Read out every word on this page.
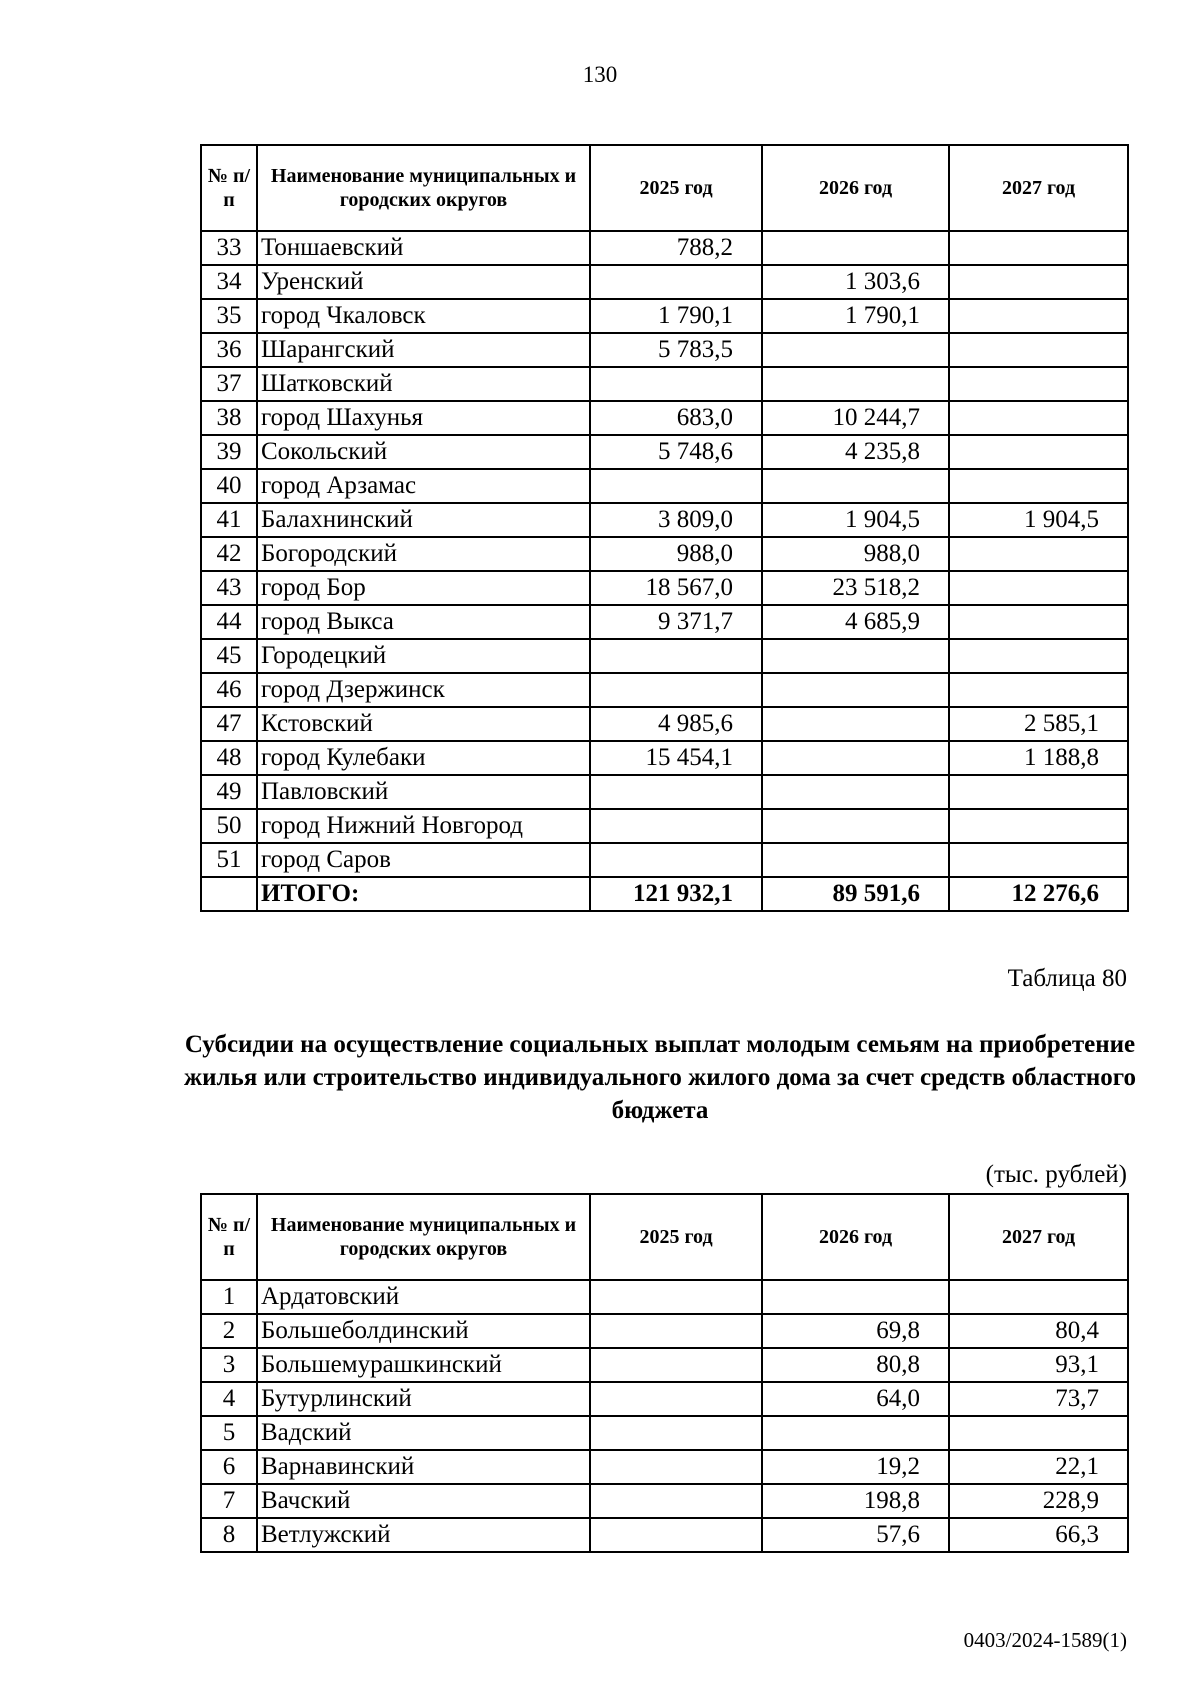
130
№ п/п	Наименование муниципальных и городских округов	2025 год	2026 год	2027 год
33	Тоншаевский	788,2		
34	Уренский		1 303,6	
35	город Чкаловск	1 790,1	1 790,1	
36	Шарангский	5 783,5		
37	Шатковский			
38	город Шахунья	683,0	10 244,7	
39	Сокольский	5 748,6	4 235,8	
40	город Арзамас			
41	Балахнинский	3 809,0	1 904,5	1 904,5
42	Богородский	988,0	988,0	
43	город Бор	18 567,0	23 518,2	
44	город Выкса	9 371,7	4 685,9	
45	Городецкий			
46	город Дзержинск			
47	Кстовский	4 985,6		2 585,1
48	город Кулебаки	15 454,1		1 188,8
49	Павловский			
50	город Нижний Новгород			
51	город Саров			
	ИТОГО:	121 932,1	89 591,6	12 276,6
Таблица 80
Субсидии на осуществление социальных выплат молодым семьям на приобретение жилья или строительство индивидуального жилого дома за счет средств областного бюджета
(тыс. рублей)
№ п/п	Наименование муниципальных и городских округов	2025 год	2026 год	2027 год
1	Ардатовский			
2	Большеболдинский		69,8	80,4
3	Большемурашкинский		80,8	93,1
4	Бутурлинский		64,0	73,7
5	Вадский			
6	Варнавинский		19,2	22,1
7	Вачский		198,8	228,9
8	Ветлужский		57,6	66,3
0403/2024-1589(1)
